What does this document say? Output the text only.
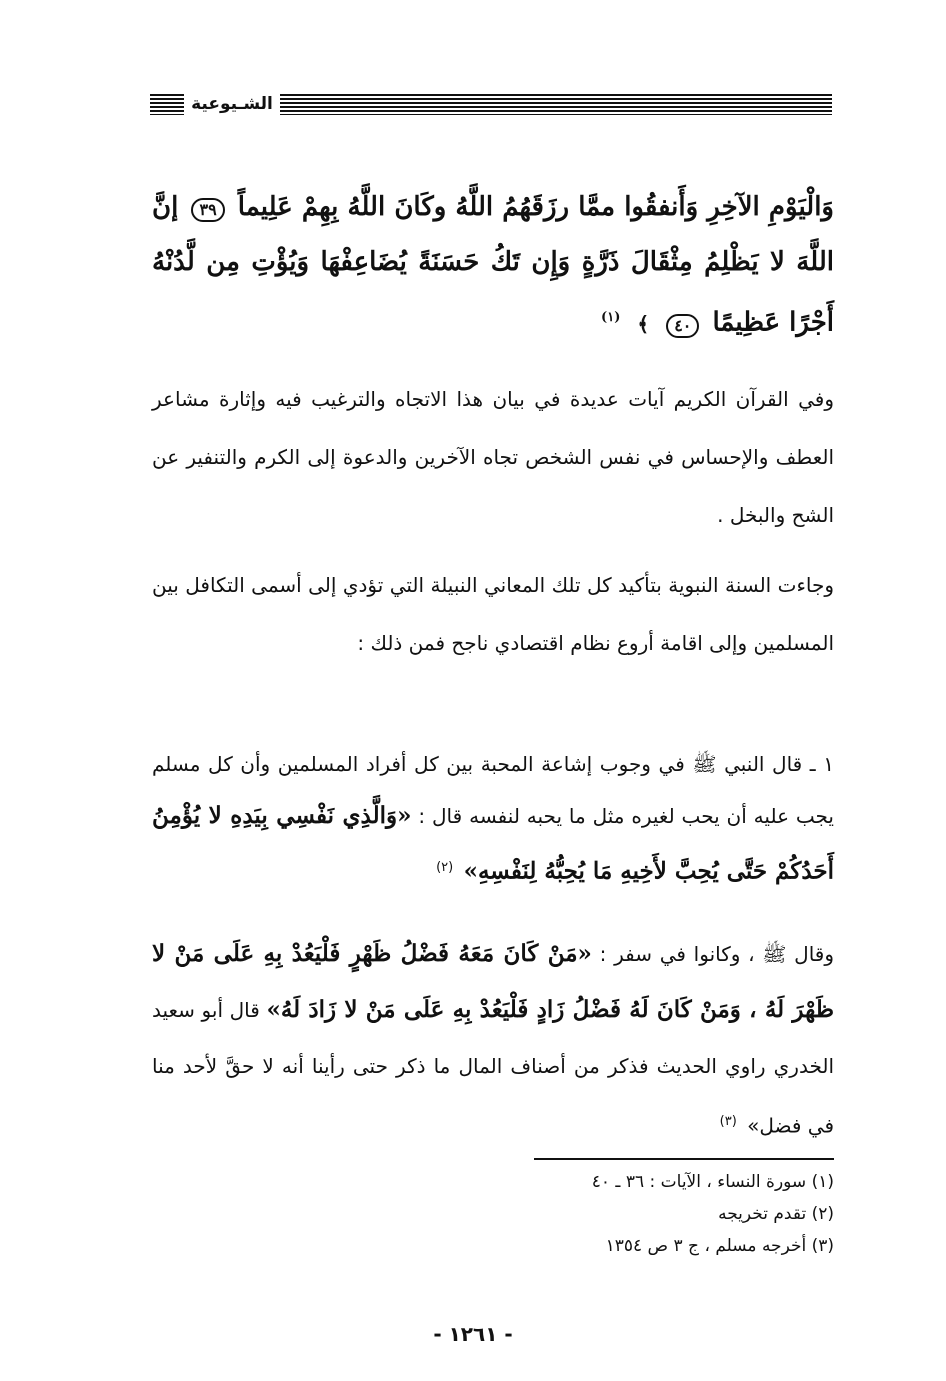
الشـيوعية
وَالْيَوْمِ الآخِرِ وَأَنفقُوا ممَّا رزَقَهُمُ اللَّهُ وكَانَ اللَّهُ بِهِمْ عَلِيماً ٣٩ إنَّ اللَّهَ لا يَظْلِمُ مِثْقَالَ ذَرَّةٍ وَإِن تَكُ حَسَنَةً يُضَاعِفْهَا وَيُؤْتِ مِن لَّدُنْهُ أَجْرًا عَظِيمًا ٤٠ ﴾ $^{(١)}$
وفي القرآن الكريم آيات عديدة في بيان هذا الاتجاه والترغيب فيه وإثارة مشاعر العطف والإحساس في نفس الشخص تجاه الآخرين والدعوة إلى الكرم والتنفير عن الشح والبخل .
وجاءت السنة النبوية بتأكيد كل تلك المعاني النبيلة التي تؤدي إلى أسمى التكافل بين المسلمين وإلى اقامة أروع نظام اقتصادي ناجح فمن ذلك :
١ ـ قال النبي ﷺ في وجوب إشاعة المحبة بين كل أفراد المسلمين وأن كل مسلم يجب عليه أن يحب لغيره مثل ما يحبه لنفسه قال : «وَالَّذِي نَفْسِي بِيَدِهِ لا يُؤْمِنُ أَحَدُكُمْ حَتَّى يُحِبَّ لأَخِيهِ مَا يُحِبُّهُ لِنَفْسِهِ» $^{(٢)}$
وقال ﷺ ، وكانوا في سفر : «مَنْ كَانَ مَعَهُ فَضْلُ ظَهْرٍ فَلْيَعُدْ بِهِ عَلَى مَنْ لا ظَهْرَ لَهُ ، وَمَنْ كَانَ لَهُ فَضْلُ زَادٍ فَلْيَعُدْ بِهِ عَلَى مَنْ لا زَادَ لَهُ» قال أبو سعيد الخدري راوي الحديث فذكر من أصناف المال ما ذكر حتى رأينا أنه لا حقَّ لأحد منا في فضل» $^{(٣)}$
(١) سورة النساء ، الآيات : ٣٦ ـ ٤٠
(٢) تقدم تخريجه
(٣) أخرجه مسلم ، ج ٣ ص ١٣٥٤
- ١٢٦١ -
